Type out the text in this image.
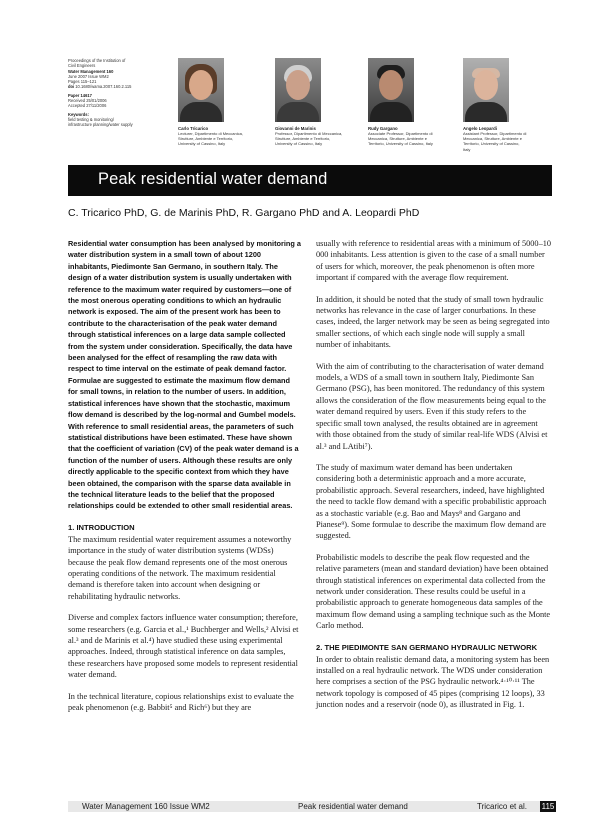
Proceedings of the Institution of
Civil Engineers
Water Management 160
June 2007 Issue WM2
Pages 115–121
doi 10.1680/wama.2007.160.2.115
Paper 14617
Received 25/01/2006
Accepted 27/11/2006
Keywords:
field testing & monitoring/
infrastructure planning/water supply
Carlo Tricarico
Lecturer, Dipartimento di Meccanica,
Strutture, Ambiente e Territorio,
University of Cassino, Italy
Giovanni de Marinis
Professor, Dipartimento di Meccanica,
Strutture, Ambiente e Territorio,
University of Cassino, Italy
Rudy Gargano
Associate Professor, Dipartimento di
Meccanica, Strutture, Ambiente e
Territorio, University of Cassino, Italy
Angelo Leopardi
Assistant Professor, Dipartimento di
Meccanica, Strutture, Ambiente e
Territorio, University of Cassino,
Italy
Peak residential water demand
C. Tricarico PhD, G. de Marinis PhD, R. Gargano PhD and A. Leopardi PhD

Residential water consumption has been analysed by monitoring a water distribution system in a small town of about 1200 inhabitants, Piedimonte San Germano, in southern Italy. The design of a water distribution system is usually undertaken with reference to the maximum water required by customers—one of the most onerous operating conditions to which an hydraulic network is exposed. The aim of the present work has been to contribute to the characterisation of the peak water demand through statistical inferences on a large data sample collected from the system under consideration. Specifically, the data have been analysed for the effect of resampling the raw data with respect to time interval on the estimate of peak demand factor. Formulae are suggested to estimate the maximum flow demand for small towns, in relation to the number of users. In addition, statistical inferences have shown that the stochastic, maximum flow demand is described by the log-normal and Gumbel models. With reference to small residential areas, the parameters of such statistical distributions have been estimated. These have shown that the coefficient of variation (CV) of the peak water demand is a function of the number of users. Although these results are only directly applicable to the specific context from which they have been obtained, the comparison with the sparse data available in the technical literature leads to the belief that the proposed relationships could be extended to other small residential areas.

1. INTRODUCTION

The maximum residential water requirement assumes a noteworthy importance in the study of water distribution systems (WDSs) because the peak flow demand represents one of the most onerous operating conditions of the network. The maximum residential demand is therefore taken into account when designing or rehabilitating hydraulic networks.

Diverse and complex factors influence water consumption; therefore, some researchers (e.g. Garcia et al.,¹ Buchberger and Wells,² Alvisi et al.³ and de Marinis et al.⁴) have studied these using experimental approaches. Indeed, through statistical inference on data samples, these researchers have proposed some models to represent residential water demand.

In the technical literature, copious relationships exist to evaluate the peak phenomenon (e.g. Babbit⁵ and Rich⁶) but they are

usually with reference to residential areas with a minimum of 5000–10 000 inhabitants. Less attention is given to the case of a small number of users for which, moreover, the peak phenomenon is often more important if compared with the average flow requirement.

In addition, it should be noted that the study of small town hydraulic networks has relevance in the case of larger conurbations. In these cases, indeed, the larger network may be seen as being segregated into smaller sections, of which each single node will supply a small number of inhabitants.

With the aim of contributing to the characterisation of water demand models, a WDS of a small town in southern Italy, Piedimonte San Germano (PSG), has been monitored. The redundancy of this system allows the consideration of the flow measurements being equal to the water demand required by users. Even if this study refers to the specific small town analysed, the results obtained are in agreement with those obtained from the study of similar real-life WDS (Alvisi et al.³ and LAtibi⁷).

The study of maximum water demand has been undertaken considering both a deterministic approach and a more accurate, probabilistic approach. Several researchers, indeed, have highlighted the need to tackle flow demand with a specific probabilistic approach as a stochastic variable (e.g. Bao and Mays⁸ and Gargano and Pianese⁹). Some formulae to describe the maximum flow demand are suggested.

Probabilistic models to describe the peak flow requested and the relative parameters (mean and standard deviation) have been obtained through statistical inferences on experimental data collected from the network under consideration. These results could be useful in a probabilistic approach to generate homogeneous data samples of the maximum flow demand using a sampling technique such as the Monte Carlo method.

2. THE PIEDIMONTE SAN GERMANO HYDRAULIC NETWORK

In order to obtain realistic demand data, a monitoring system has been installed on a real hydraulic network. The WDS under consideration here comprises a section of the PSG hydraulic network.⁴·¹⁰·¹¹ The network topology is composed of 45 pipes (comprising 12 loops), 33 junction nodes and a reservoir (node 0), as illustrated in Fig. 1.

Water Management 160 Issue WM2	Peak residential water demand	Tricarico et al. 115
